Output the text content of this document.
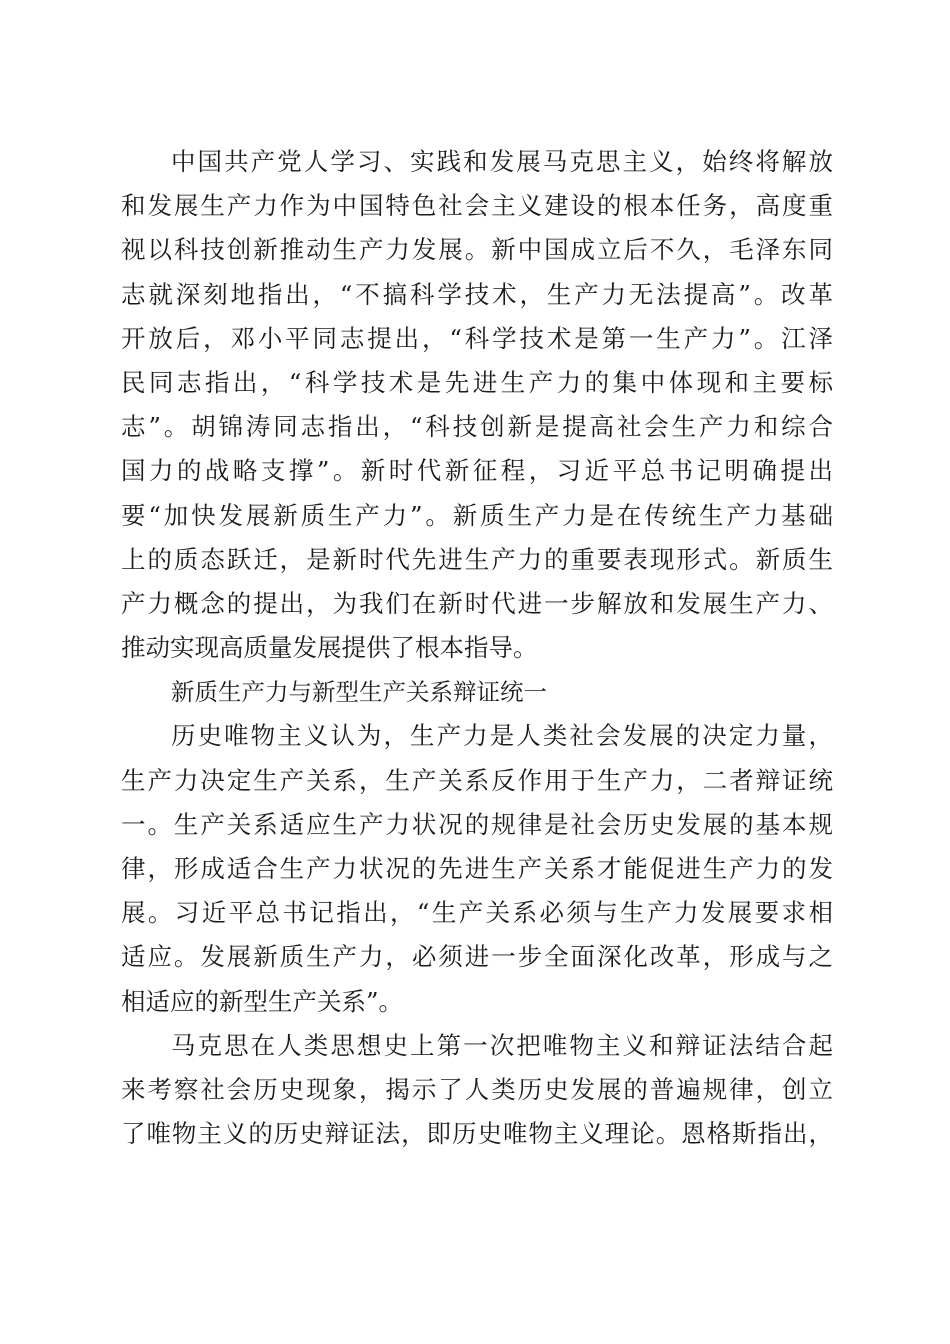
中国共产党人学习、实践和发展马克思主义，始终将解放
和发展生产力作为中国特色社会主义建设的根本任务，高度重
视以科技创新推动生产力发展。新中国成立后不久，毛泽东同
志就深刻地指出，“不搞科学技术，生产力无法提高”。改革
开放后，邓小平同志提出，“科学技术是第一生产力”。江泽
民同志指出，“科学技术是先进生产力的集中体现和主要标
志”。胡锦涛同志指出，“科技创新是提高社会生产力和综合
国力的战略支撑”。新时代新征程，习近平总书记明确提出
要“加快发展新质生产力”。新质生产力是在传统生产力基础
上的质态跃迁，是新时代先进生产力的重要表现形式。新质生
产力概念的提出，为我们在新时代进一步解放和发展生产力、
推动实现高质量发展提供了根本指导。
新质生产力与新型生产关系辩证统一
历史唯物主义认为，生产力是人类社会发展的决定力量，
生产力决定生产关系，生产关系反作用于生产力，二者辩证统
一。生产关系适应生产力状况的规律是社会历史发展的基本规
律，形成适合生产力状况的先进生产关系才能促进生产力的发
展。习近平总书记指出，“生产关系必须与生产力发展要求相
适应。发展新质生产力，必须进一步全面深化改革，形成与之
相适应的新型生产关系”。
马克思在人类思想史上第一次把唯物主义和辩证法结合起
来考察社会历史现象，揭示了人类历史发展的普遍规律，创立
了唯物主义的历史辩证法，即历史唯物主义理论。恩格斯指出，
